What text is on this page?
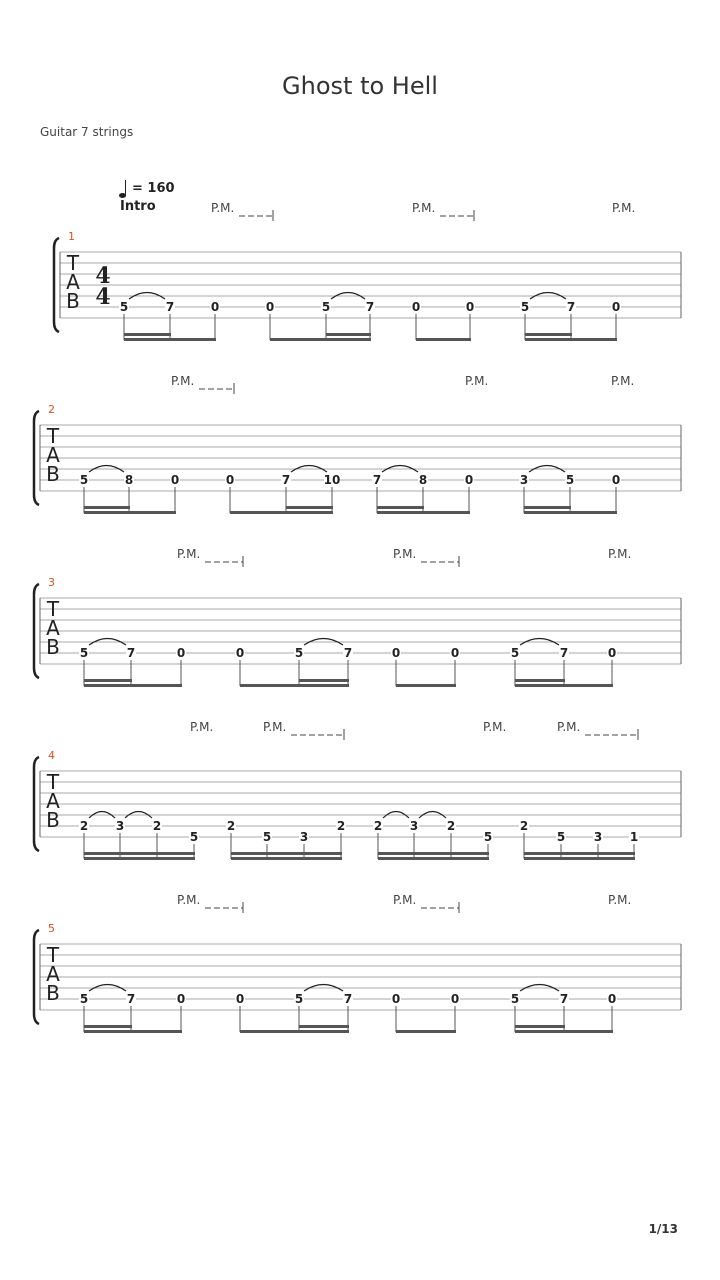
Ghost to Hell
Guitar 7 strings
= 160
Intro
1/13
T
A
B
4
4
1
5	7	0	0	5	7	0	0	5	7	0
P.M.	P.M.	P.M.
T
A
B
2
5	8	0	0	7	10	7	8	0	3	5	0
P.M.	P.M.	P.M.
T
A
B
3
5	7	0	0	5	7	0	0	5	7	0
P.M.	P.M.	P.M.
T
A
B
4
2 3 2
5
2
5 3
2 2 3 2
5
2
5 3 1
P.M.	P.M.	P.M.	P.M.
T
A
B
5
5	7	0	0	5	7	0	0	5	7	0
P.M.	P.M.	P.M.
